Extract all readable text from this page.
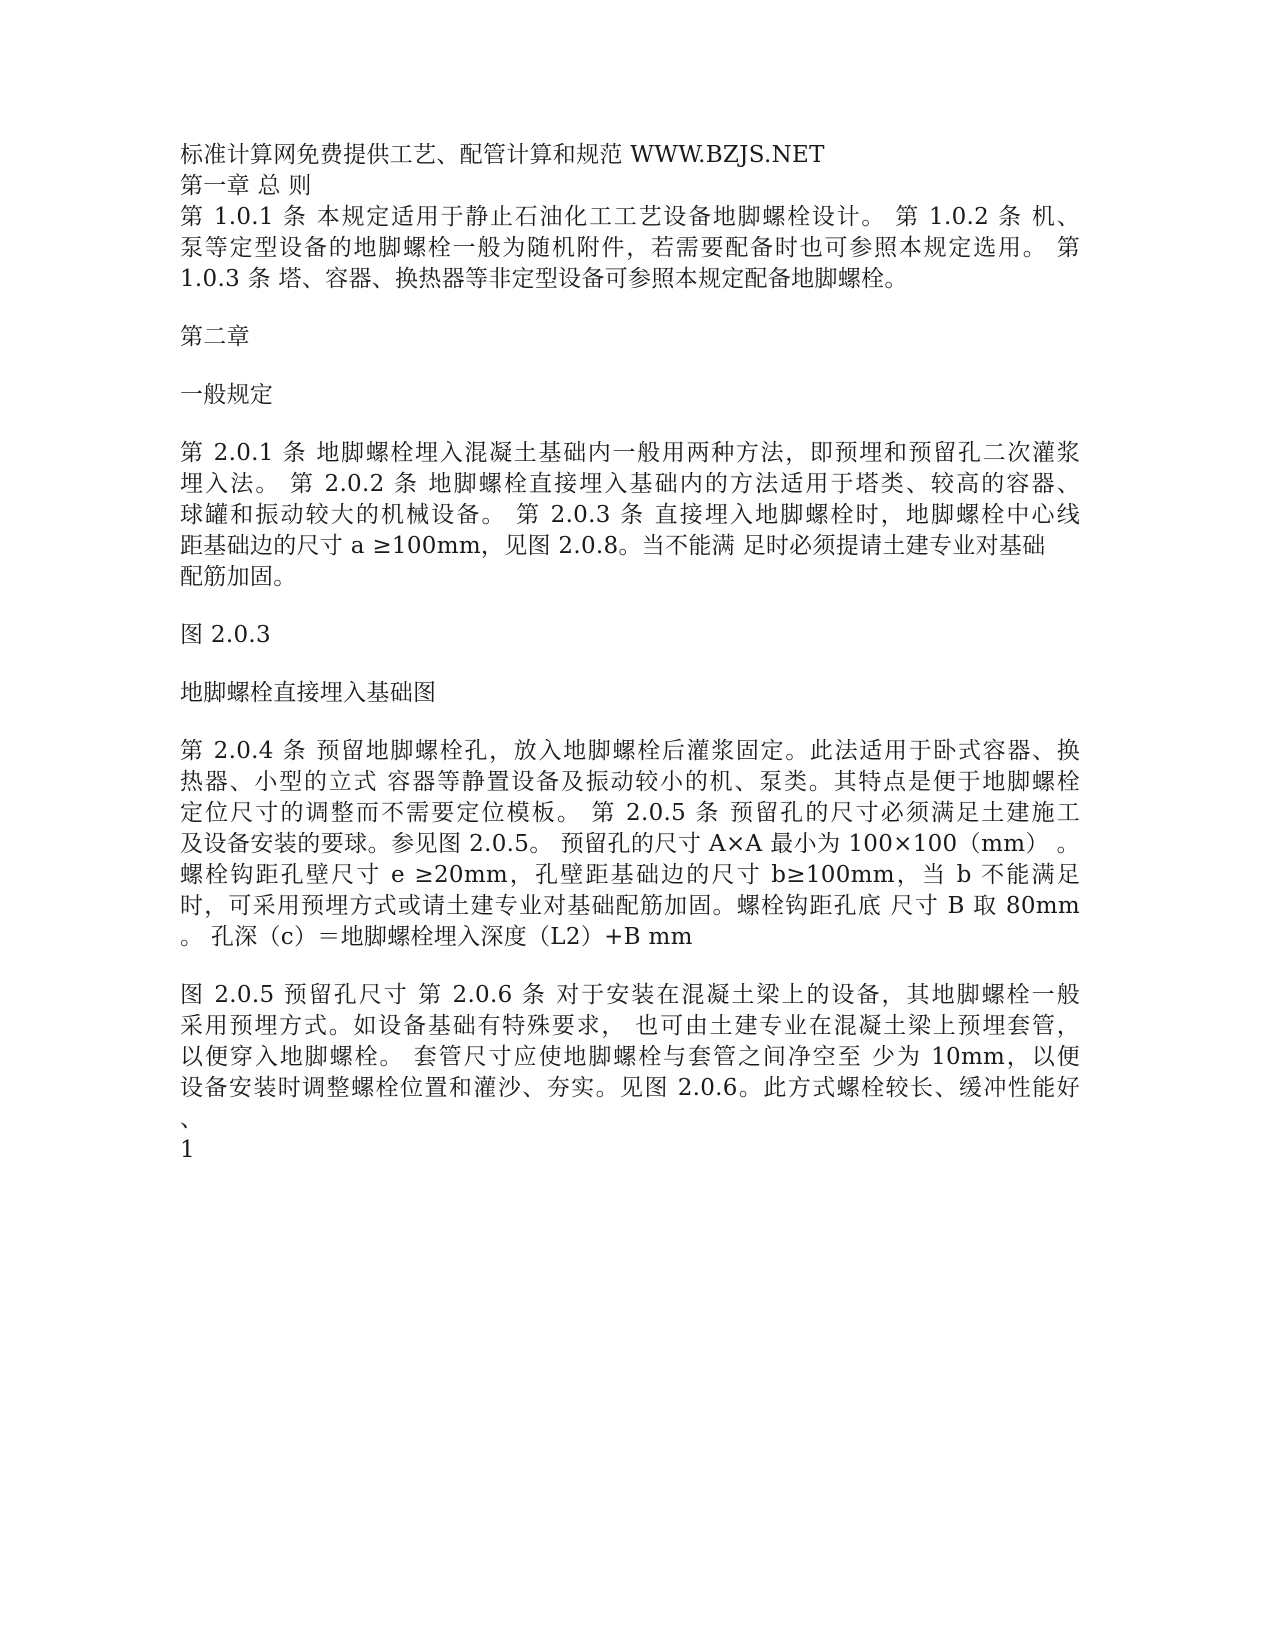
标准计算网免费提供工艺、配管计算和规范 WWW.BZJS.NET
第一章 总 则
第 1.0.1 条 本规定适用于静止石油化工工艺设备地脚螺栓设计。 第 1.0.2 条 机、
泵等定型设备的地脚螺栓一般为随机附件，若需要配备时也可参照本规定选用。 第
1.0.3 条 塔、容器、换热器等非定型设备可参照本规定配备地脚螺栓。
第二章
一般规定
第 2.0.1 条 地脚螺栓埋入混凝土基础内一般用两种方法，即预埋和预留孔二次灌浆
埋入法。 第 2.0.2 条 地脚螺栓直接埋入基础内的方法适用于塔类、较高的容器、
球罐和振动较大的机械设备。 第 2.0.3 条 直接埋入地脚螺栓时，地脚螺栓中心线
距基础边的尺寸 a ≥100mm，见图 2.0.8。当不能满 足时必须提请土建专业对基础
配筋加固。
图 2.0.3
地脚螺栓直接埋入基础图
第 2.0.4 条 预留地脚螺栓孔，放入地脚螺栓后灌浆固定。此法适用于卧式容器、换
热器、小型的立式 容器等静置设备及振动较小的机、泵类。其特点是便于地脚螺栓
定位尺寸的调整而不需要定位模板。 第 2.0.5 条 预留孔的尺寸必须满足土建施工
及设备安装的要球。参见图 2.0.5。 预留孔的尺寸 A×A 最小为 100×100（mm） 。
螺栓钩距孔壁尺寸 e ≥20mm，孔壁距基础边的尺寸 b≥100mm，当 b 不能满足
时，可采用预埋方式或请土建专业对基础配筋加固。螺栓钩距孔底 尺寸 B 取 80mm
。 孔深（c）＝地脚螺栓埋入深度（L2）+B mm
图 2.0.5 预留孔尺寸 第 2.0.6 条 对于安装在混凝土梁上的设备，其地脚螺栓一般
采用预埋方式。如设备基础有特殊要求， 也可由土建专业在混凝土梁上预埋套管，
以便穿入地脚螺栓。 套管尺寸应使地脚螺栓与套管之间净空至 少为 10mm，以便
设备安装时调整螺栓位置和灌沙、夯实。见图 2.0.6。此方式螺栓较长、缓冲性能好
、
1
